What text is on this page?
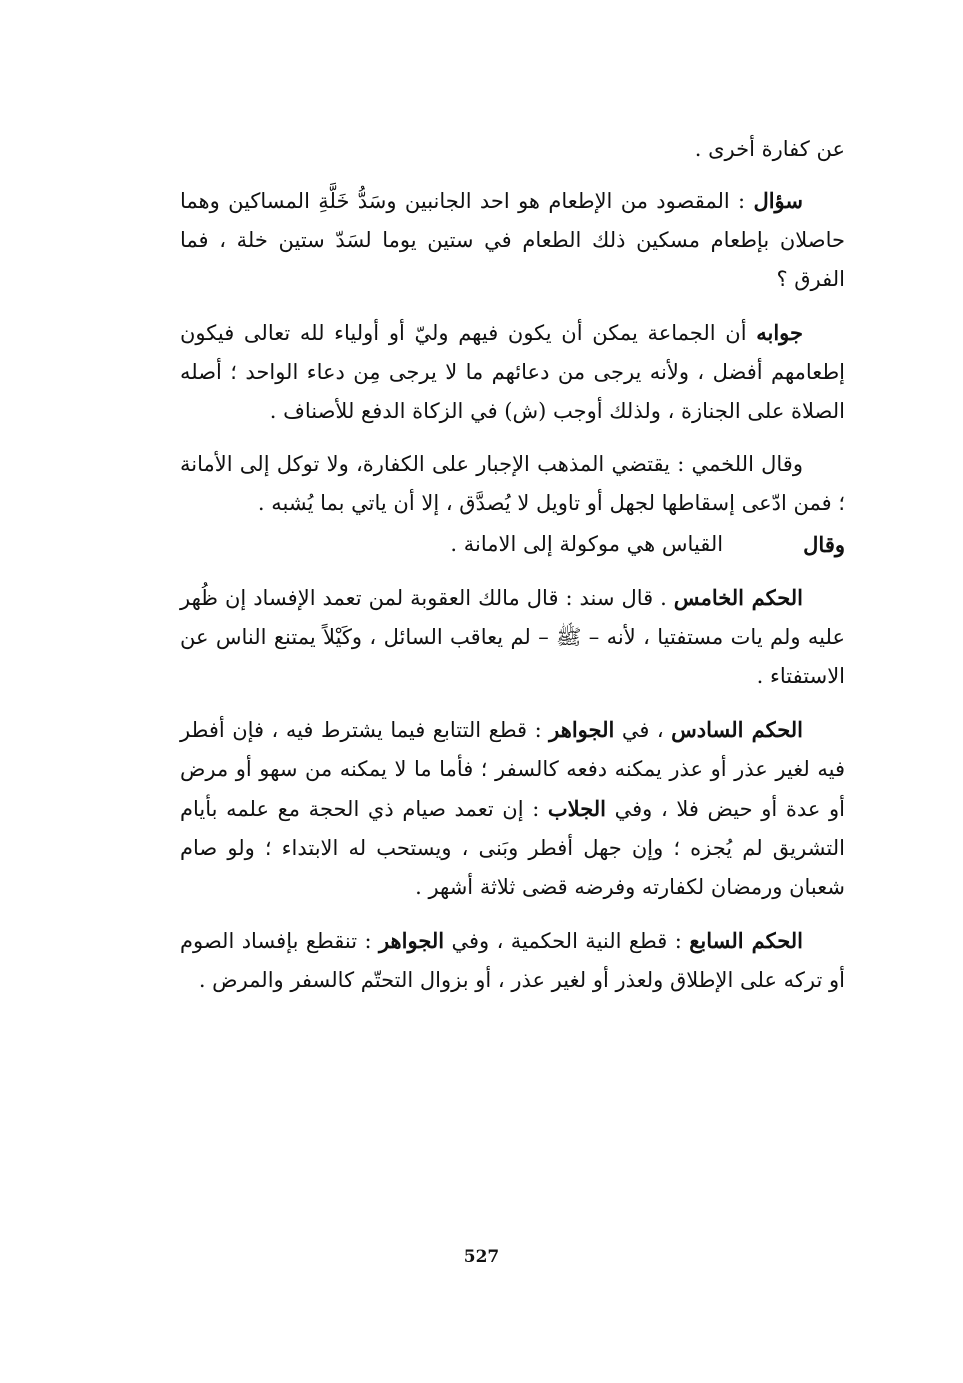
عن كفارة أخرى .

سؤال : المقصود من الإطعام هو احد الجانبين وسَدُّ خَلَّةِ المساكين وهما حاصلان بإطعام مسكين ذلك الطعام في ستين يوما لسَدّ ستين خلة ، فما الفرق ؟

جوابه أن الجماعة يمكن أن يكون فيهم وليّ أو أولياء لله تعالى فيكون إطعامهم أفضل ، ولأنه يرجى من دعائهم ما لا يرجى مِن دعاء الواحد ؛ أصله الصلاة على الجنازة ، ولذلك أوجب (ش) في الزكاة الدفع للأصناف .

وقال اللخمي : يقتضي المذهب الإجبار على الكفارة، ولا توكل إلى الأمانة ؛ فمن ادّعى إسقاطها لجهل أو تاويل لا يُصدَّق ، إلا أن ياتي بما يُشبه .

وقال
القياس هي موكولة إلى الامانة .

الحكم الخامس . قال سند : قال مالك العقوبة لمن تعمد الإفساد إن ظُهر عليه ولم يات مستفتيا ، لأنه – ﷺ – لم يعاقب السائل ، وكَيْلاً يمتنع الناس عن الاستفتاء .

الحكم السادس ، في الجواهر : قطع التتابع فيما يشترط فيه ، فإن أفطر فيه لغير عذر أو عذر يمكنه دفعه كالسفر ؛ فأما ما لا يمكنه من سهو أو مرض أو عدة أو حيض فلا ، وفي الجلاب : إن تعمد صيام ذي الحجة مع علمه بأيام التشريق لم يُجزه ؛ وإن جهل أفطر وبَنى ، ويستحب له الابتداء ؛ ولو صام شعبان ورمضان لكفارته وفرضه قضى ثلاثة أشهر .

الحكم السابع : قطع النية الحكمية ، وفي الجواهر : تنقطع بإفساد الصوم أو تركه على الإطلاق ولعذر أو لغير عذر ، أو بزوال التحتّم كالسفر والمرض .

527
